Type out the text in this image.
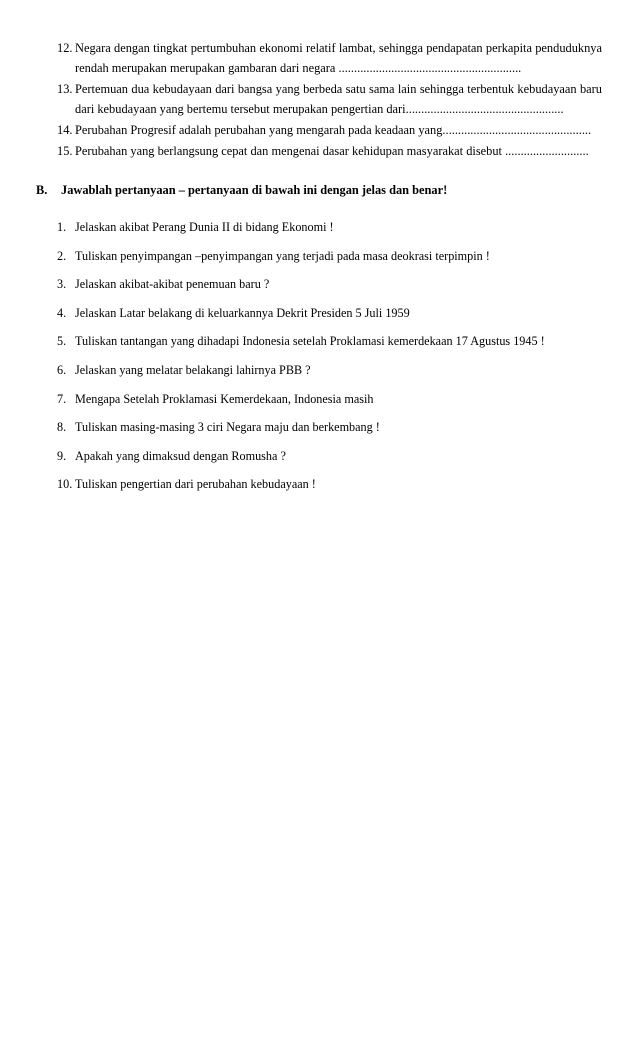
12. Negara dengan tingkat pertumbuhan ekonomi relatif lambat, sehingga pendapatan perkapita penduduknya rendah merupakan merupakan gambaran dari negara ...........................................................
13. Pertemuan dua kebudayaan dari bangsa yang berbeda satu sama lain sehingga terbentuk kebudayaan baru dari kebudayaan yang bertemu tersebut merupakan pengertian dari...................................................
14. Perubahan Progresif adalah perubahan yang mengarah pada keadaan yang................................................
15. Perubahan yang berlangsung cepat dan mengenai dasar kehidupan masyarakat disebut ...........................
B.	Jawablah pertanyaan – pertanyaan di bawah ini dengan jelas dan benar!
1. Jelaskan akibat Perang Dunia II di bidang Ekonomi !
2. Tuliskan penyimpangan –penyimpangan yang terjadi pada masa deokrasi terpimpin !
3. Jelaskan akibat-akibat penemuan baru ?
4. Jelaskan Latar belakang di keluarkannya Dekrit Presiden 5 Juli 1959
5. Tuliskan tantangan yang dihadapi Indonesia setelah Proklamasi kemerdekaan 17 Agustus 1945 !
6. Jelaskan yang melatar belakangi lahirnya PBB ?
7. Mengapa Setelah Proklamasi Kemerdekaan, Indonesia masih
8. Tuliskan masing-masing 3 ciri Negara maju dan berkembang !
9. Apakah yang dimaksud dengan Romusha ?
10. Tuliskan pengertian dari perubahan kebudayaan !
